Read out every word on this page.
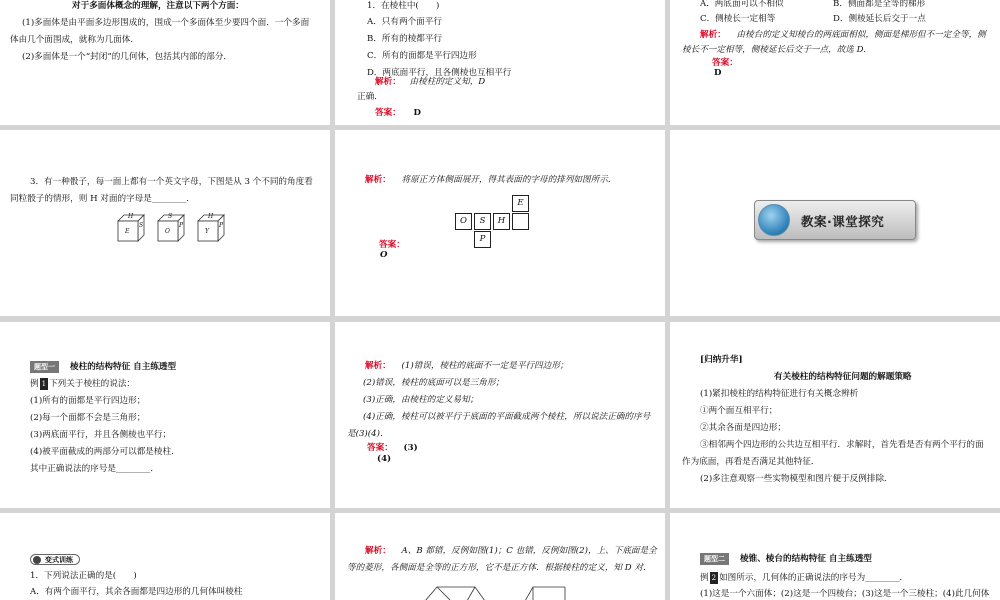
对于多面体概念的理解，注意以下两个方面：
(1)多面体是由平面多边形围成的，围成一个多面体至少要四个面．一个多面
体由几个面围成，就称为几面体．
(2)多面体是一个“封闭”的几何体，包括其内部的部分．
1．在棱柱中(　　)
A．只有两个面平行
B．所有的棱都平行
C．所有的面都是平行四边形
D．两底面平行，且各侧棱也互相平行
解析： 由棱柱的定义知，D
正确．
答案： D
A．两底面可以不相似	B．侧面都是全等的梯形
C．侧棱长一定相等	D．侧棱延长后交于一点
解析： 由棱台的定义知棱台的两底面相似，侧面是梯形但不一定全等，侧
棱长不一定相等，侧棱延长后交于一点，故选 D.
答案：
D
3．有一种骰子，每一面上都有一个英文字母，下图是从 3 个不同的角度看
同粒骰子的情形，则 H 对面的字母是________．
H
E
S
S
O
P
H
Y
P
解析： 将原正方体侧面展开，得其表面的字母的排列如图所示．
E
O	S	H
P
答案：
O
教案·课堂探究
题型一	棱柱的结构特征 自主练透型
例 1 下列关于棱柱的说法：
(1)所有的面都是平行四边形；
(2)每一个面都不会是三角形；
(3)两底面平行，并且各侧棱也平行；
(4)被平面截成的两部分可以都是棱柱．
其中正确说法的序号是________．
解析： (1)错误，棱柱的底面不一定是平行四边形；
(2)错误，棱柱的底面可以是三角形；
(3)正确，由棱柱的定义易知；
(4)正确，棱柱可以被平行于底面的平面截成两个棱柱，所以说法正确的序号
是(3)(4)．
答案： (3)
(4)
[归纳升华]
有关棱柱的结构特征问题的解题策略
(1)紧扣棱柱的结构特征进行有关概念辨析
①两个面互相平行；
②其余各面是四边形；
③相邻两个四边形的公共边互相平行．求解时，首先看是否有两个平行的面
作为底面，再看是否满足其他特征．
(2)多注意观察一些实物模型和图片便于反例排除．
变式训练
1．下列说法正确的是(　　)
A．有两个面平行，其余各面都是四边形的几何体叫棱柱
解析： A、B 都错，反例如图(1)；C 也错，反例如图(2)，上、下底面是全
等的菱形，各侧面是全等的正方形，它不是正方体．根据棱柱的定义，知 D 对．
题型二	棱锥、棱台的结构特征 自主练透型
例 2 如图所示，几何体的正确说法的序号为________．
(1)这是一个六面体；(2)这是一个四棱台；(3)这是一个三棱柱；(4)此几何体
